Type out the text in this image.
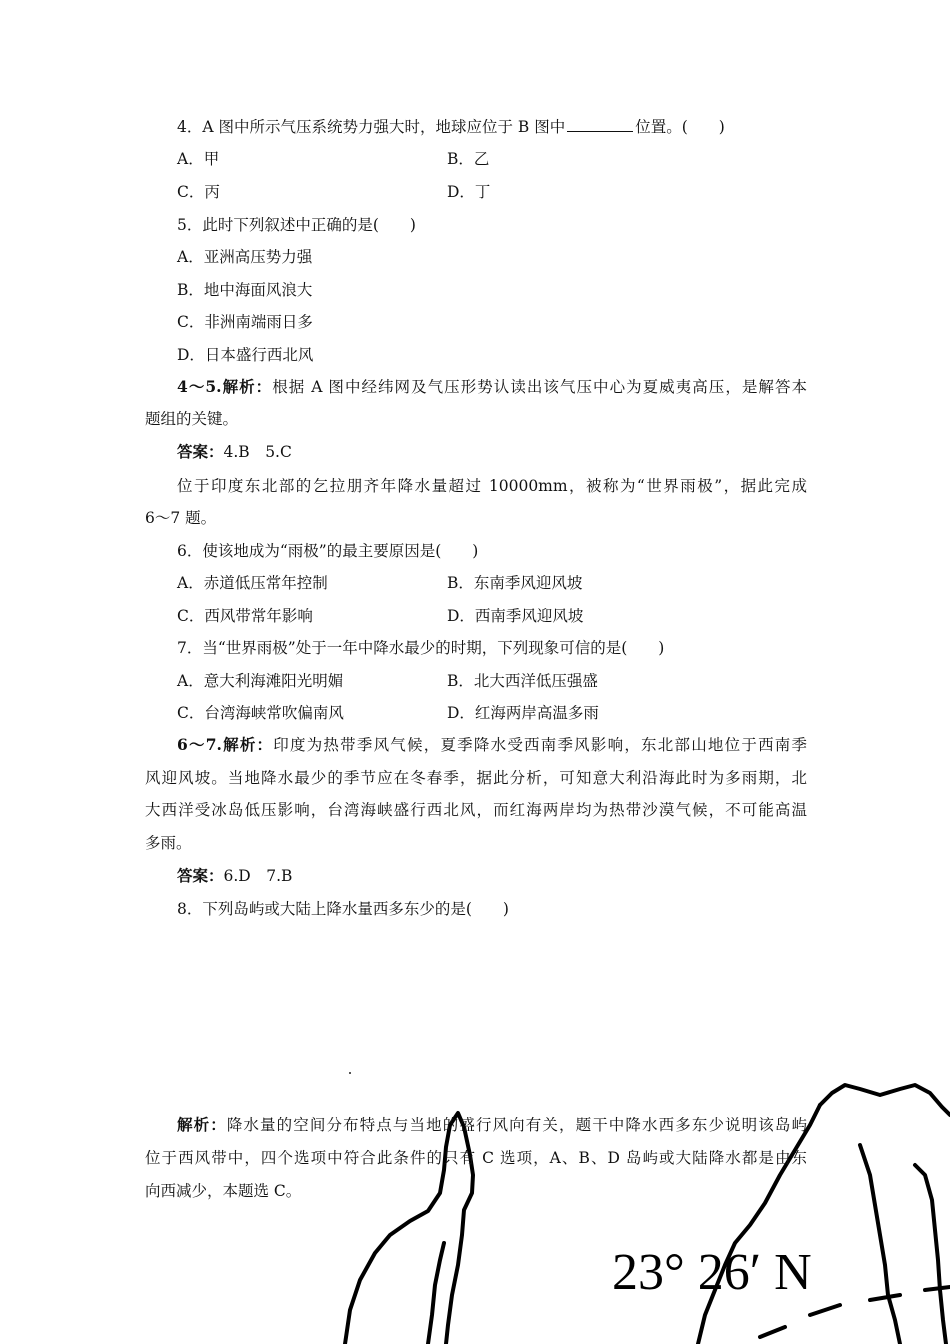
4．A 图中所示气压系统势力强大时，地球应位于 B 图中	位置。(　　)
A．甲	B．乙
C．丙	D．丁
5．此时下列叙述中正确的是(　　)
A．亚洲高压势力强
B．地中海面风浪大
C．非洲南端雨日多
D．日本盛行西北风
4～5.解析：根据 A 图中经纬网及气压形势认读出该气压中心为夏威夷高压，是解答本
题组的关键。
答案：4.B　5.C
位于印度东北部的乞拉朋齐年降水量超过 10000mm，被称为“世界雨极”，据此完成
6～7 题。
6．使该地成为“雨极”的最主要原因是(　　)
A．赤道低压常年控制	B．东南季风迎风坡
C．西风带常年影响	D．西南季风迎风坡
7．当“世界雨极”处于一年中降水最少的时期，下列现象可信的是(　　)
A．意大利海滩阳光明媚	B．北大西洋低压强盛
C．台湾海峡常吹偏南风	D．红海两岸高温多雨
6～7.解析：印度为热带季风气候，夏季降水受西南季风影响，东北部山地位于西南季
风迎风坡。当地降水最少的季节应在冬春季，据此分析，可知意大利沿海此时为多雨期，北
大西洋受冰岛低压影响，台湾海峡盛行西北风，而红海两岸均为热带沙漠气候，不可能高温
多雨。
答案：6.D　7.B
8．下列岛屿或大陆上降水量西多东少的是(　　)
23° 26′ N
解析：降水量的空间分布特点与当地的盛行风向有关，题干中降水西多东少说明该岛屿
位于西风带中，四个选项中符合此条件的只有 C 选项，A、B、D 岛屿或大陆降水都是由东
向西减少，本题选 C。
